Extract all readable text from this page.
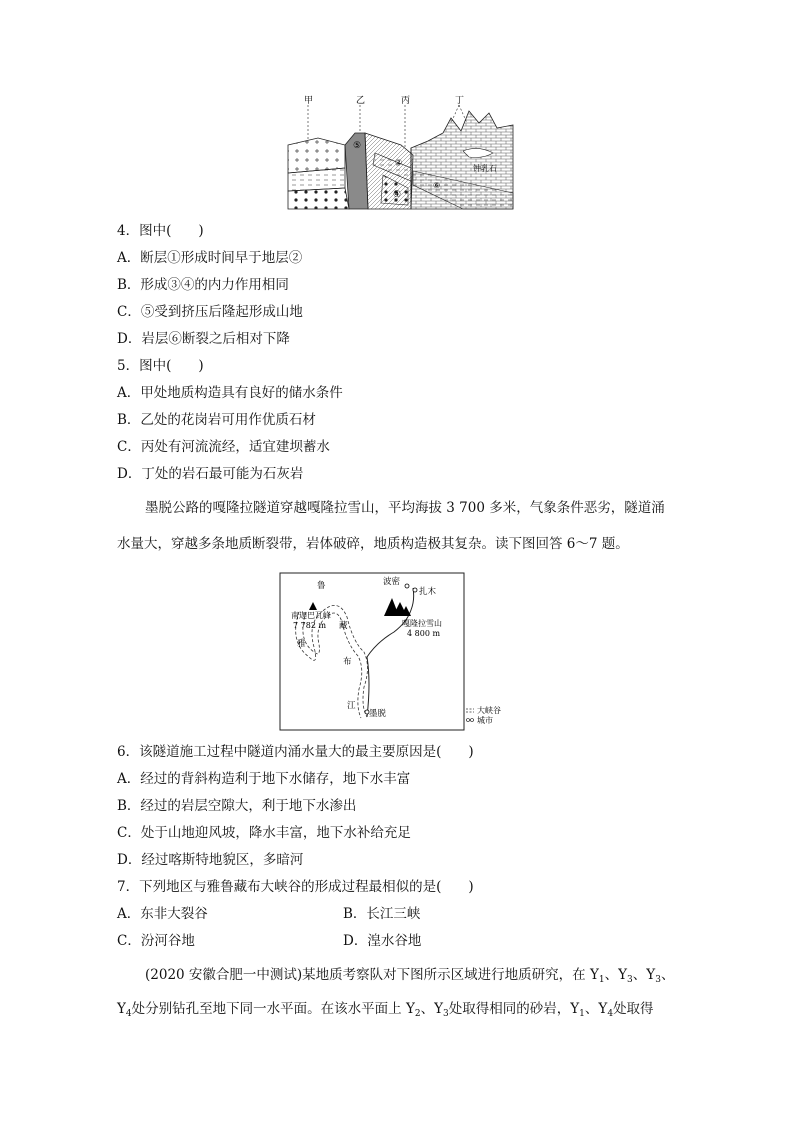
甲	乙	丙	丁
⑤
④
②
⑥
钟乳石
4．图中(　　)
A．断层①形成时间早于地层②
B．形成③④的内力作用相同
C．⑤受到挤压后隆起形成山地
D．岩层⑥断裂之后相对下降
5．图中(　　)
A．甲处地质构造具有良好的储水条件
B．乙处的花岗岩可用作优质石材
C．丙处有河流流经，适宜建坝蓄水
D．丁处的岩石最可能为石灰岩
墨脱公路的嘎隆拉隧道穿越嘎隆拉雪山，平均海拔 3 700 多米，气象条件恶劣，隧道涌
水量大，穿越多条地质断裂带，岩体破碎，地质构造极其复杂。读下图回答 6～7 题。
波密
扎木
南迦巴瓦峰
7 782 m	嘎隆拉雪山
4 800 m
墨脱
鲁
藏
雅
布
江	大峡谷
城市
6．该隧道施工过程中隧道内涌水量大的最主要原因是(　　)
A．经过的背斜构造利于地下水储存，地下水丰富
B．经过的岩层空隙大，利于地下水渗出
C．处于山地迎风坡，降水丰富，地下水补给充足
D．经过喀斯特地貌区，多暗河
7．下列地区与雅鲁藏布大峡谷的形成过程最相似的是(　　)
A．东非大裂谷	B．长江三峡
C．汾河谷地	D．湟水谷地
(2020 安徽合肥一中测试)某地质考察队对下图所示区域进行地质研究，在 $Y_1$、$Y_3$、$Y_3$、
$Y_4$处分别钻孔至地下同一水平面。在该水平面上 $Y_2$、$Y_3$处取得相同的砂岩，$Y_1$、$Y_4$处取得
